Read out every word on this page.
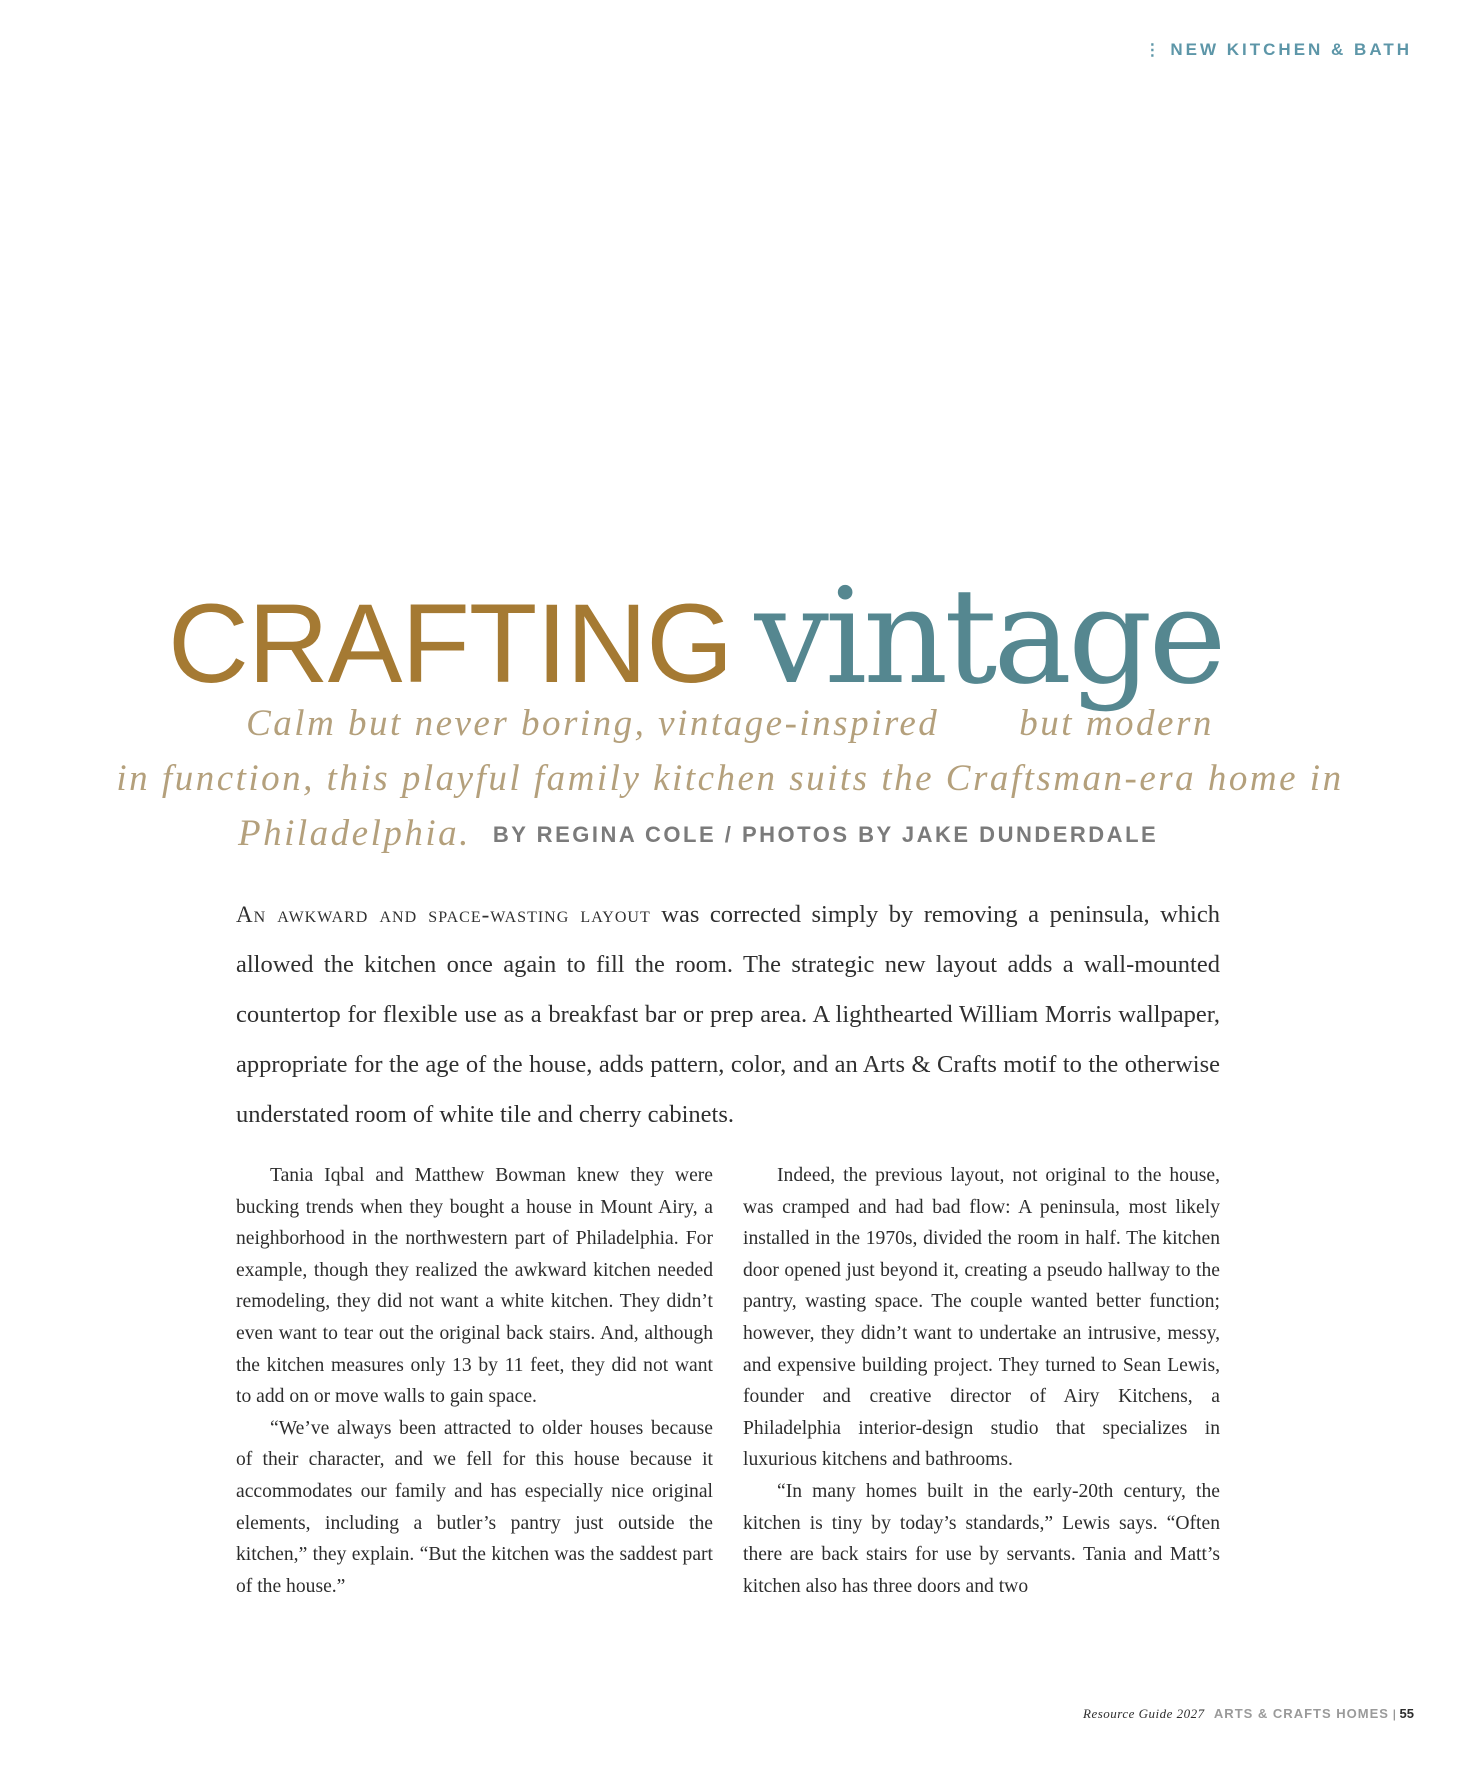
⋮ NEW KITCHEN & BATH
CRAFTING vintage
Calm but never boring, vintage-inspired but modern
in function, this playful family kitchen suits the Craftsman-era home in
Philadelphia. BY REGINA COLE / PHOTOS BY JAKE DUNDERDALE
An awkward and space-wasting layout was corrected simply by removing a peninsula, which allowed the kitchen once again to fill the room. The strategic new layout adds a wall-mounted countertop for flexible use as a breakfast bar or prep area. A lighthearted William Morris wallpaper, appropriate for the age of the house, adds pattern, color, and an Arts & Crafts motif to the otherwise understated room of white tile and cherry cabinets.

Tania Iqbal and Matthew Bowman knew they were bucking trends when they bought a house in Mount Airy, a neighborhood in the northwestern part of Philadelphia. For example, though they realized the awkward kitchen needed remodeling, they did not want a white kitchen. They didn’t even want to tear out the original back stairs. And, although the kitchen measures only 13 by 11 feet, they did not want to add on or move walls to gain space.

“We’ve always been attracted to older houses because of their character, and we fell for this house because it accommodates our family and has especially nice original elements, including a butler’s pantry just outside the kitchen,” they explain. “But the kitchen was the saddest part of the house.”

Indeed, the previous layout, not original to the house, was cramped and had bad flow: A peninsula, most likely installed in the 1970s, divided the room in half. The kitchen door opened just beyond it, creating a pseudo hallway to the pantry, wasting space. The couple wanted better function; however, they didn’t want to undertake an intrusive, messy, and expensive building project. They turned to Sean Lewis, founder and creative director of Airy Kitchens, a Philadelphia interior-design studio that specializes in luxurious kitchens and bathrooms.

“In many homes built in the early-20th century, the kitchen is tiny by today’s standards,” Lewis says. “Often there are back stairs for use by servants. Tania and Matt’s kitchen also has three doors and two

Resource Guide 2027 ARTS & CRAFTS HOMES | 55
